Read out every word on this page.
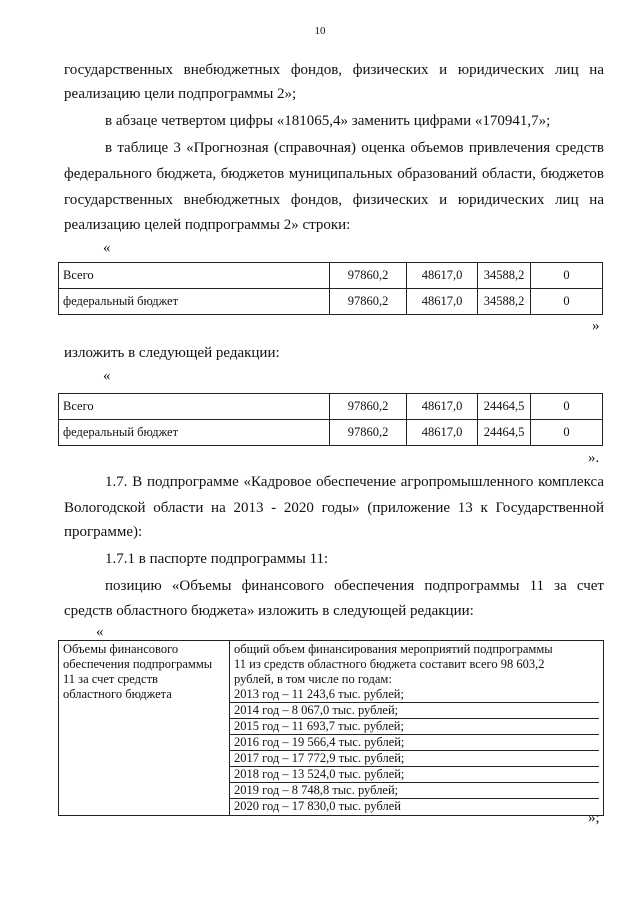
10
государственных внебюджетных фондов, физических и юридических лиц на
реализацию цели подпрограммы 2»;
в абзаце четвертом цифры «181065,4» заменить цифрами «170941,7»;
в таблице 3 «Прогнозная (справочная) оценка объемов привлечения средств
федерального бюджета, бюджетов муниципальных образований области, бюджетов
государственных внебюджетных фондов, физических и юридических лиц на
реализацию целей подпрограммы 2» строки:
«
Всего	97860,2	48617,0	34588,2	0
федеральный бюджет	97860,2	48617,0	34588,2	0
»
изложить в следующей редакции:
«
Всего	97860,2	48617,0	24464,5	0
федеральный бюджет	97860,2	48617,0	24464,5	0
».
1.7. В подпрограмме «Кадровое обеспечение агропромышленного комплекса
Вологодской области на 2013 - 2020 годы» (приложение 13 к Государственной
программе):
1.7.1 в паспорте подпрограммы 11:
позицию «Объемы финансового обеспечения подпрограммы 11 за счет
средств областного бюджета» изложить в следующей редакции:
«
Объемы финансового
обеспечения подпрограммы
11 за счет средств
областного бюджета

общий объем финансирования мероприятий подпрограммы
11 из средств областного бюджета составит всего 98 603,2
рублей, в том числе по годам:
2013 год – 11 243,6 тыс. рублей;
2014 год – 8 067,0 тыс. рублей;
2015 год – 11 693,7 тыс. рублей;
2016 год – 19 566,4 тыс. рублей;
2017 год – 17 772,9 тыс. рублей;
2018 год – 13 524,0 тыс. рублей;
2019 год – 8 748,8 тыс. рублей;
2020 год – 17 830,0 тыс. рублей
»;
